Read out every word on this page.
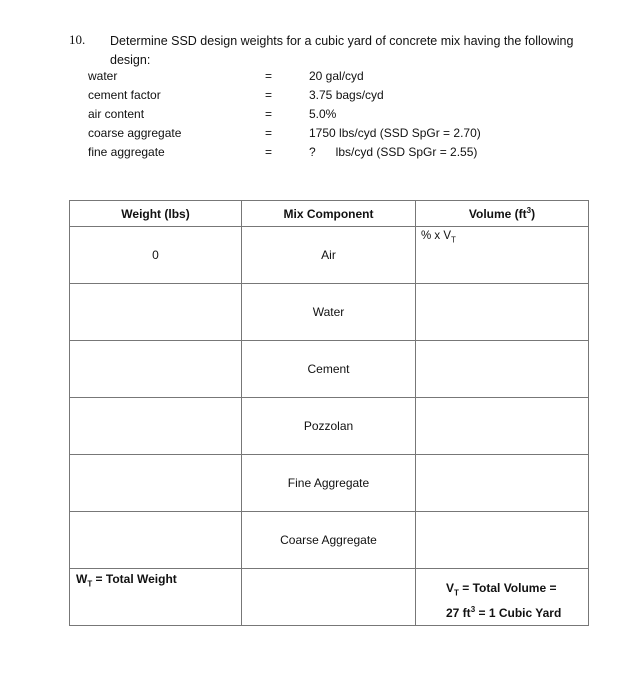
10. Determine SSD design weights for a cubic yard of concrete mix having the following design:
water	=	20 gal/cyd
cement factor	=	3.75 bags/cyd
air content	=	5.0%
coarse aggregate	=	1750 lbs/cyd (SSD SpGr = 2.70)
fine aggregate	=	?      lbs/cyd (SSD SpGr = 2.55)
Weight (lbs)	Mix Component	Volume $(ft^3)$
0	Air	% x $V_T$

	Water	
	Cement	
	Pozzolan	
	Fine Aggregate	
	Coarse Aggregate	

$W_T$ = Total Weight		$V_T$ = Total Volume =
27 $ft^3 = 1$ Cubic Yard
